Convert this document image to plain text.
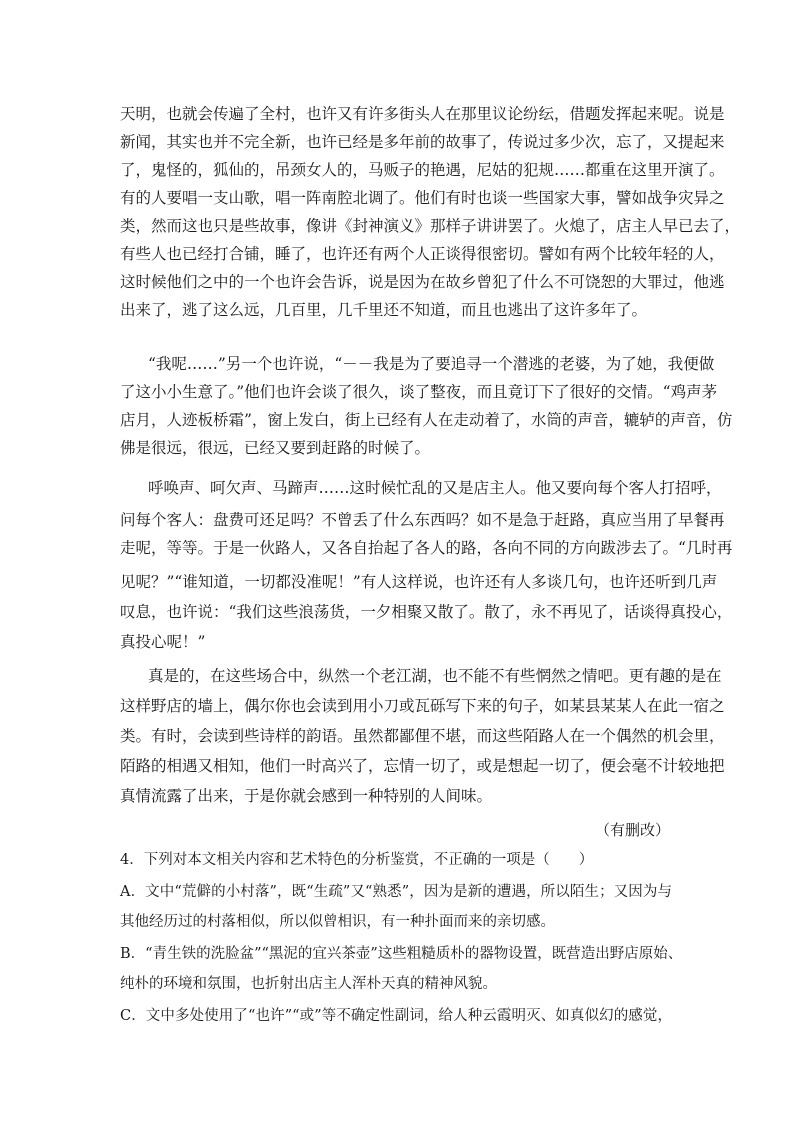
天明，也就会传遍了全村，也许又有许多街头人在那里议论纷纭，借题发挥起来呢。说是
新闻，其实也并不完全新，也许已经是多年前的故事了，传说过多少次，忘了，又提起来
了，鬼怪的，狐仙的，吊颈女人的，马贩子的艳遇，尼姑的犯规……都重在这里开演了。
有的人要唱一支山歌，唱一阵南腔北调了。他们有时也谈一些国家大事，譬如战争灾异之
类，然而这也只是些故事，像讲《封神演义》那样子讲讲罢了。火熄了，店主人早已去了，
有些人也已经打合铺，睡了，也许还有两个人正谈得很密切。譬如有两个比较年轻的人，
这时候他们之中的一个也许会告诉，说是因为在故乡曾犯了什么不可饶恕的大罪过，他逃
出来了，逃了这么远，几百里，几千里还不知道，而且也逃出了这许多年了。
“我呢……”另一个也许说，“－－我是为了要追寻一个潜逃的老婆，为了她，我便做
了这小小生意了。”他们也许会谈了很久，谈了整夜，而且竟订下了很好的交情。“鸡声茅
店月，人迹板桥霜”，窗上发白，街上已经有人在走动着了，水筒的声音，辘轳的声音，仿
佛是很远，很远，已经又要到赶路的时候了。
呼唤声、呵欠声、马蹄声……这时候忙乱的又是店主人。他又要向每个客人打招呼，
问每个客人：盘费可还足吗？不曾丢了什么东西吗？如不是急于赶路，真应当用了早餐再
走呢，等等。于是一伙路人，又各自抬起了各人的路，各向不同的方向跋涉去了。“几时再
见呢？”“谁知道，一切都没准呢！”有人这样说，也许还有人多谈几句，也许还听到几声
叹息，也许说：“我们这些浪荡货，一夕相聚又散了。散了，永不再见了，话谈得真投心，
真投心呢！”
真是的，在这些场合中，纵然一个老江湖，也不能不有些惘然之情吧。更有趣的是在
这样野店的墙上，偶尔你也会读到用小刀或瓦砾写下来的句子，如某县某某人在此一宿之
类。有时，会读到些诗样的韵语。虽然都鄙俚不堪，而这些陌路人在一个偶然的机会里，
陌路的相遇又相知，他们一时高兴了，忘情一切了，或是想起一切了，便会毫不计较地把
真情流露了出来，于是你就会感到一种特别的人间味。
（有删改）
4．下列对本文相关内容和艺术特色的分析鉴赏，不正确的一项是（　　）
A．文中“荒僻的小村落”，既“生疏”又“熟悉”，因为是新的遭遇，所以陌生；又因为与
其他经历过的村落相似，所以似曾相识，有一种扑面而来的亲切感。
B．“青生铁的洗脸盆”“黑泥的宜兴茶壶”这些粗糙质朴的器物设置，既营造出野店原始、
纯朴的环境和氛围，也折射出店主人浑朴天真的精神风貌。
C．文中多处使用了“也许”“或”等不确定性副词，给人种云霞明灭、如真似幻的感觉，
